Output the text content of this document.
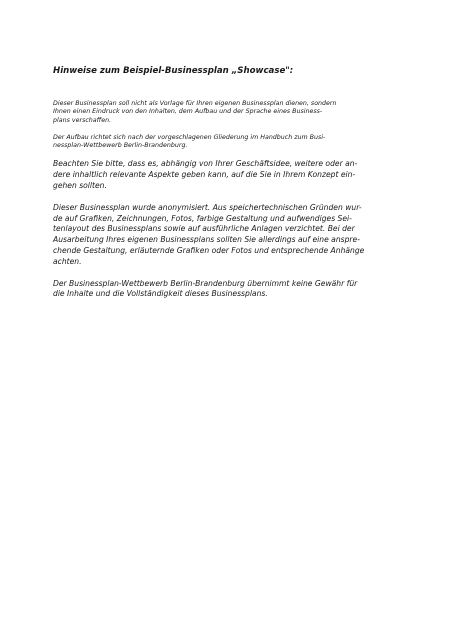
Hinweise zum Beispiel-Businessplan „Showcase":

Dieser Businessplan soll nicht als Vorlage für Ihren eigenen Businessplan dienen, sondern
Ihnen einen Eindruck von den Inhalten, dem Aufbau und der Sprache eines Business-
plans verschaffen.

Der Aufbau richtet sich nach der vorgeschlagenen Gliederung im Handbuch zum Busi-
nessplan-Wettbewerb Berlin-Brandenburg.

Beachten Sie bitte, dass es, abhängig von Ihrer Geschäftsidee, weitere oder an-
dere inhaltlich relevante Aspekte geben kann, auf die Sie in Ihrem Konzept ein-
gehen sollten.

Dieser Businessplan wurde anonymisiert. Aus speichertechnischen Gründen wur-
de auf Grafiken, Zeichnungen, Fotos, farbige Gestaltung und aufwendiges Sei-
tenlayout des Businessplans sowie auf ausführliche Anlagen verzichtet. Bei der
Ausarbeitung Ihres eigenen Businessplans sollten Sie allerdings auf eine anspre-
chende Gestaltung, erläuternde Grafiken oder Fotos und entsprechende Anhänge
achten.

Der Businessplan-Wettbewerb Berlin-Brandenburg übernimmt keine Gewähr für
die Inhalte und die Vollständigkeit dieses Businessplans.
